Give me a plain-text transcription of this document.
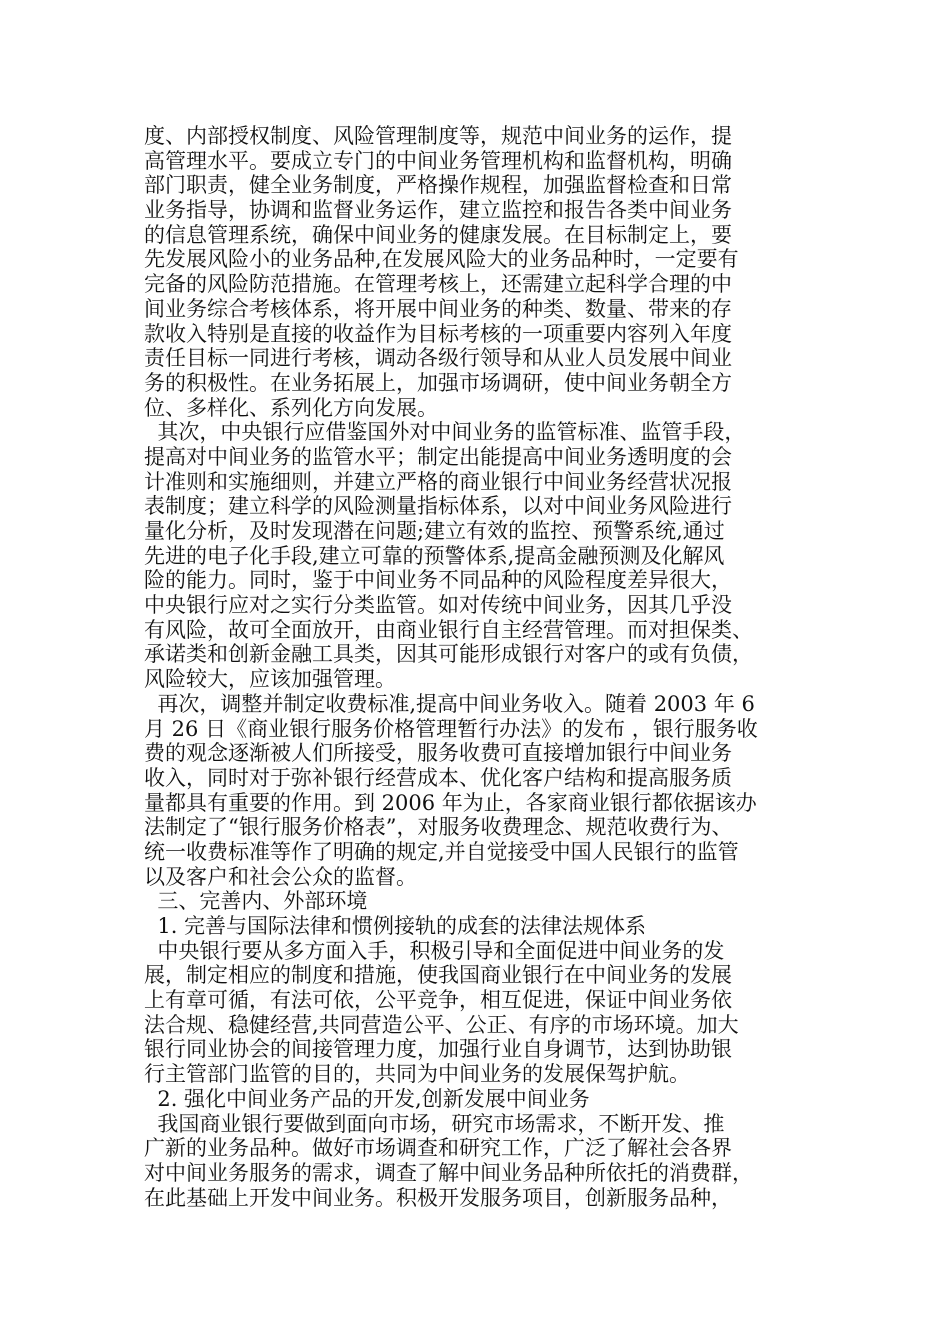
度、内部授权制度、风险管理制度等，规范中间业务的运作，提
高管理水平。要成立专门的中间业务管理机构和监督机构，明确
部门职责，健全业务制度，严格操作规程，加强监督检查和日常
业务指导，协调和监督业务运作，建立监控和报告各类中间业务
的信息管理系统，确保中间业务的健康发展。在目标制定上，要
先发展风险小的业务品种,在发展风险大的业务品种时，一定要有
完备的风险防范措施。在管理考核上，还需建立起科学合理的中
间业务综合考核体系，将开展中间业务的种类、数量、带来的存
款收入特别是直接的收益作为目标考核的一项重要内容列入年度
责任目标一同进行考核，调动各级行领导和从业人员发展中间业
务的积极性。在业务拓展上，加强市场调研，使中间业务朝全方
位、多样化、系列化方向发展。
其次，中央银行应借鉴国外对中间业务的监管标准、监管手段，
提高对中间业务的监管水平；制定出能提高中间业务透明度的会
计准则和实施细则，并建立严格的商业银行中间业务经营状况报
表制度；建立科学的风险测量指标体系，以对中间业务风险进行
量化分析，及时发现潜在问题;建立有效的监控、预警系统,通过
先进的电子化手段,建立可靠的预警体系,提高金融预测及化解风
险的能力。同时，鉴于中间业务不同品种的风险程度差异很大，
中央银行应对之实行分类监管。如对传统中间业务，因其几乎没
有风险，故可全面放开，由商业银行自主经营管理。而对担保类、
承诺类和创新金融工具类，因其可能形成银行对客户的或有负债，
风险较大，应该加强管理。
再次，调整并制定收费标准,提高中间业务收入。随着 2003 年 6
月 26 日《商业银行服务价格管理暂行办法》的发布 ，银行服务收
费的观念逐渐被人们所接受，服务收费可直接增加银行中间业务
收入，同时对于弥补银行经营成本、优化客户结构和提高服务质
量都具有重要的作用。到 2006 年为止，各家商业银行都依据该办
法制定了“银行服务价格表”，对服务收费理念、规范收费行为、
统一收费标准等作了明确的规定,并自觉接受中国人民银行的监管
以及客户和社会公众的监督。
三、完善内、外部环境
1. 完善与国际法律和惯例接轨的成套的法律法规体系
中央银行要从多方面入手，积极引导和全面促进中间业务的发
展，制定相应的制度和措施，使我国商业银行在中间业务的发展
上有章可循，有法可依，公平竞争，相互促进，保证中间业务依
法合规、稳健经营,共同营造公平、公正、有序的市场环境。加大
银行同业协会的间接管理力度，加强行业自身调节，达到协助银
行主管部门监管的目的，共同为中间业务的发展保驾护航。
2. 强化中间业务产品的开发,创新发展中间业务
我国商业银行要做到面向市场，研究市场需求，不断开发、推
广新的业务品种。做好市场调查和研究工作，广泛了解社会各界
对中间业务服务的需求，调查了解中间业务品种所依托的消费群，
在此基础上开发中间业务。积极开发服务项目，创新服务品种，
